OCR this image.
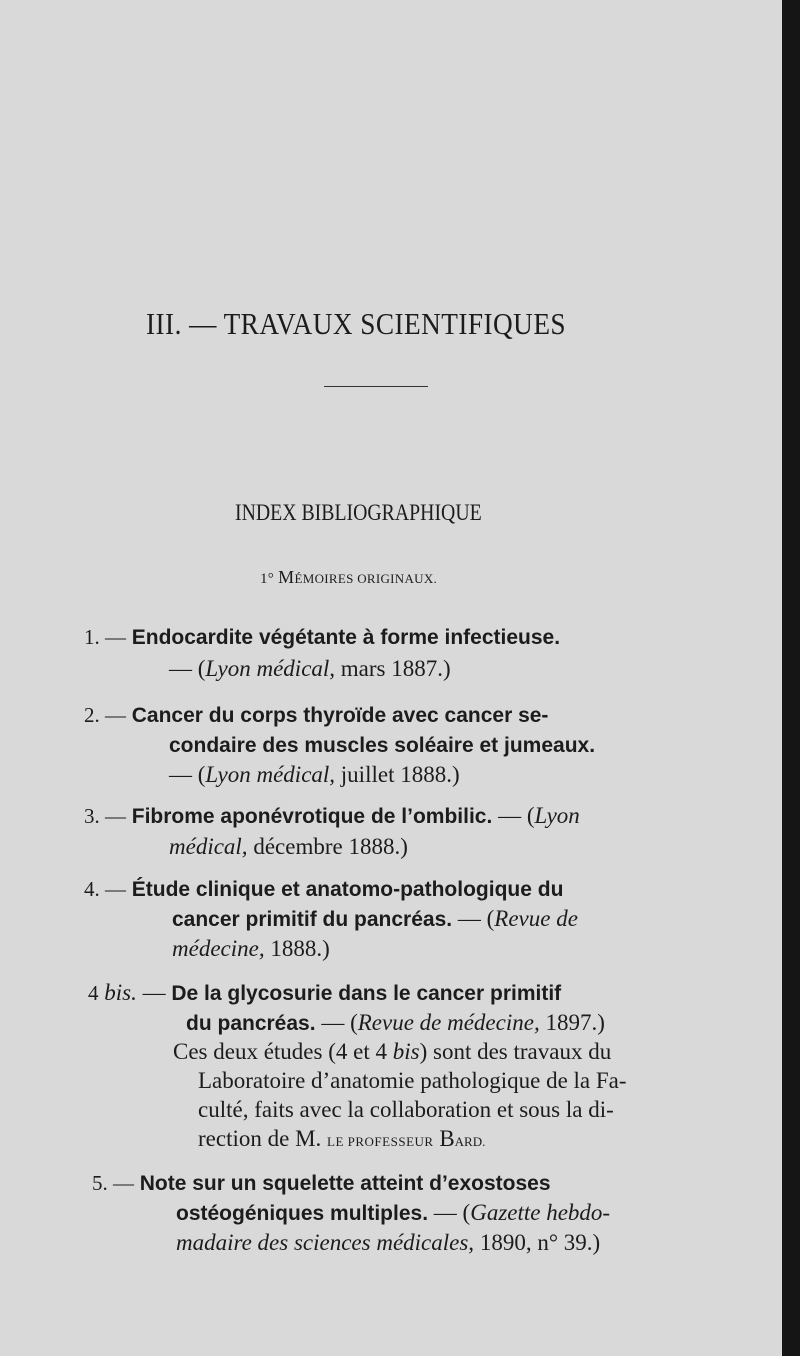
III. — TRAVAUX SCIENTIFIQUES
INDEX BIBLIOGRAPHIQUE
1° MÉMOIRES ORIGINAUX.
1. — Endocardite végétante à forme infectieuse.
— (Lyon médical, mars 1887.)
2. — Cancer du corps thyroïde avec cancer se-
condaire des muscles soléaire et jumeaux.
— (Lyon médical, juillet 1888.)
3. — Fibrome aponévrotique de l’ombilic. — (Lyon
médical, décembre 1888.)
4. — Étude clinique et anatomo-pathologique du
cancer primitif du pancréas. — (Revue de
médecine, 1888.)
4 bis. — De la glycosurie dans le cancer primitif
du pancréas. — (Revue de médecine, 1897.)
Ces deux études (4 et 4 bis) sont des travaux du
Laboratoire d’anatomie pathologique de la Fa-
culté, faits avec la collaboration et sous la di-
rection de M. LE PROFESSEUR BARD.
5. — Note sur un squelette atteint d’exostoses
ostéogéniques multiples. — (Gazette hebdo-
madaire des sciences médicales, 1890, n° 39.)
